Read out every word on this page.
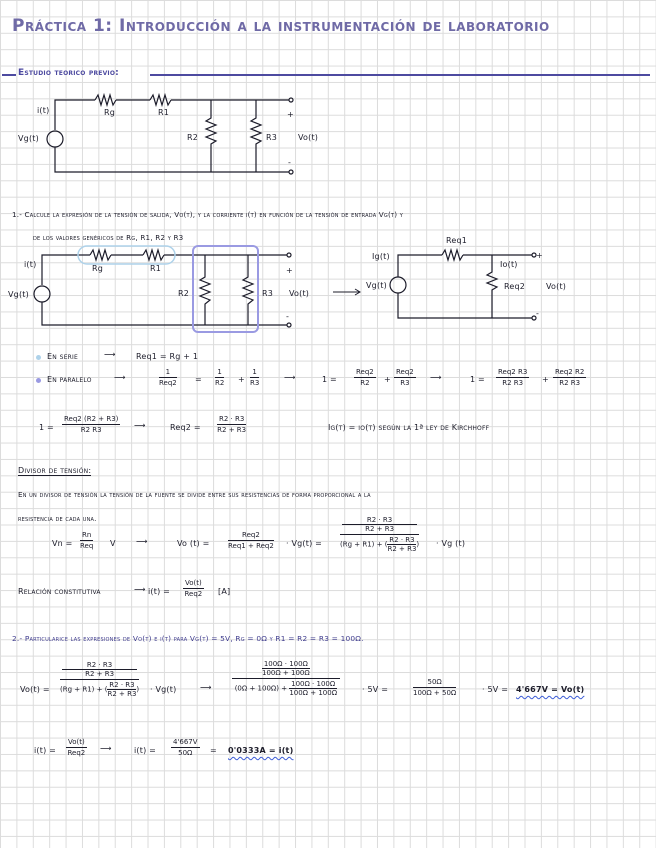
Práctica 1: Introducción a la instrumentación de laboratorio
Estudio teorico previo:
i(t)
Vg(t)
Rg	R1
R2	R3
+
Vo(t)
-
1.- Calcule la expresión de la tensión de salida, Vo(t), y la corriente i(t) en función de la tensión de entrada Vg(t) y
de los valores genéricos de Rg, R1, R2 y R3
i(t)
Vg(t)
Rg	R1
R2	R3
+
Vo(t)
-
Ig(t)
Req1
Io(t)
+
Vg(t)	Req2	Vo(t)
-
En serie	⟶	Req1 = Rg + 1
En paralelo	⟶
1
$Req2 = \frac{1}{R2} + \frac{1}{R3}$	⟶	1 =
Req2
R2	+
Req2
R3
⟶	1 =
Req2 R3
R2 R3	+
Req2 R2
R2 R3
1 =
Req2 (R2 + R3)
R2 R3	⟶	$Req2 = \frac{R2 \cdot R3}{R2 + R3}$	Ig(t) = io(t) según la 1ª ley de Kirchhoff
Divisor de tensión:
En un divisor de tensión la tensión de la fuente se divide entre sus resistencias de forma proporcional a la
resistencia de cada una.
Vn =
Rn
Req V	⟶	Vo (t) =
Req2
Req1 + Req2 · Vg(t) =	R2 · R3
R2 + R3
(Rg + R1) + ( $\frac{R2 \cdot R3}{R2 + R3}$ ) · Vg (t)
Relación constitutiva	⟶ i(t) =
Vo(t)
Req2 [A]
2.- Particularice las expresiones de Vo(t) e i(t) para Vg(t) = 5V, Rg = 0Ω y R1 = R2 = R3 = 100Ω.
Vo(t) = R2 · R3
R2 + R3
(Rg + R1) + ( $\frac{R2 \cdot R3}{R2 + R3}$ ) · Vg(t)	⟶	100Ω · 100Ω
100Ω + 100Ω
$(0\Omega + 100\Omega) + \frac{100\Omega \cdot 100\Omega}{100\Omega + 100\Omega}$	· 5V =	$\frac{50\Omega}{100\Omega + 50\Omega}$	· 5V = 4'667V = Vo(t)
i(t) =
Vo(t)
Req2 ⟶	$i(t) = \frac{4'667V}{50\Omega} = 0'0333A = i(t)$
